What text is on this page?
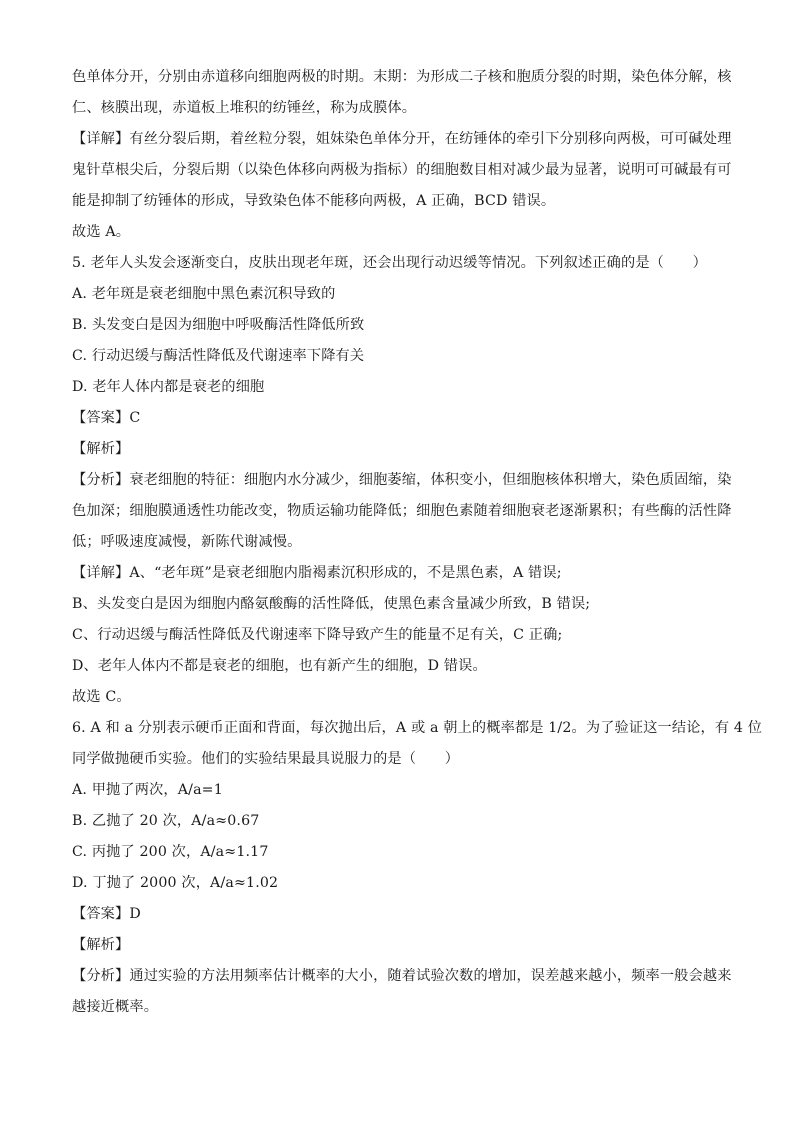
色单体分开，分别由赤道移向细胞两极的时期。末期：为形成二子核和胞质分裂的时期，染色体分解，核
仁、核膜出现，赤道板上堆积的纺锤丝，称为成膜体。
【详解】有丝分裂后期，着丝粒分裂，姐妹染色单体分开，在纺锤体的牵引下分别移向两极，可可碱处理
鬼针草根尖后，分裂后期（以染色体移向两极为指标）的细胞数目相对减少最为显著，说明可可碱最有可
能是抑制了纺锤体的形成，导致染色体不能移向两极，A 正确，BCD 错误。
故选 A。
5. 老年人头发会逐渐变白，皮肤出现老年斑，还会出现行动迟缓等情况。下列叙述正确的是（　　）
A. 老年斑是衰老细胞中黑色素沉积导致的
B. 头发变白是因为细胞中呼吸酶活性降低所致
C. 行动迟缓与酶活性降低及代谢速率下降有关
D. 老年人体内都是衰老的细胞
【答案】C
【解析】
【分析】衰老细胞的特征：细胞内水分减少，细胞萎缩，体积变小，但细胞核体积增大，染色质固缩，染
色加深；细胞膜通透性功能改变，物质运输功能降低；细胞色素随着细胞衰老逐渐累积；有些酶的活性降
低；呼吸速度减慢，新陈代谢减慢。
【详解】A、“老年斑”是衰老细胞内脂褐素沉积形成的，不是黑色素，A 错误;
B、头发变白是因为细胞内酪氨酸酶的活性降低，使黑色素含量减少所致，B 错误;
C、行动迟缓与酶活性降低及代谢速率下降导致产生的能量不足有关，C 正确;
D、老年人体内不都是衰老的细胞，也有新产生的细胞，D 错误。
故选 C。
6. A 和 a 分别表示硬币正面和背面，每次抛出后，A 或 a 朝上的概率都是 1/2。为了验证这一结论，有 4 位
同学做抛硬币实验。他们的实验结果最具说服力的是（　　）
A. 甲抛了两次，A/a=1
B. 乙抛了 20 次，A/a≈0.67
C. 丙抛了 200 次，A/a≈1.17
D. 丁抛了 2000 次，A/a≈1.02
【答案】D
【解析】
【分析】通过实验的方法用频率估计概率的大小，随着试验次数的增加，误差越来越小，频率一般会越来
越接近概率。
